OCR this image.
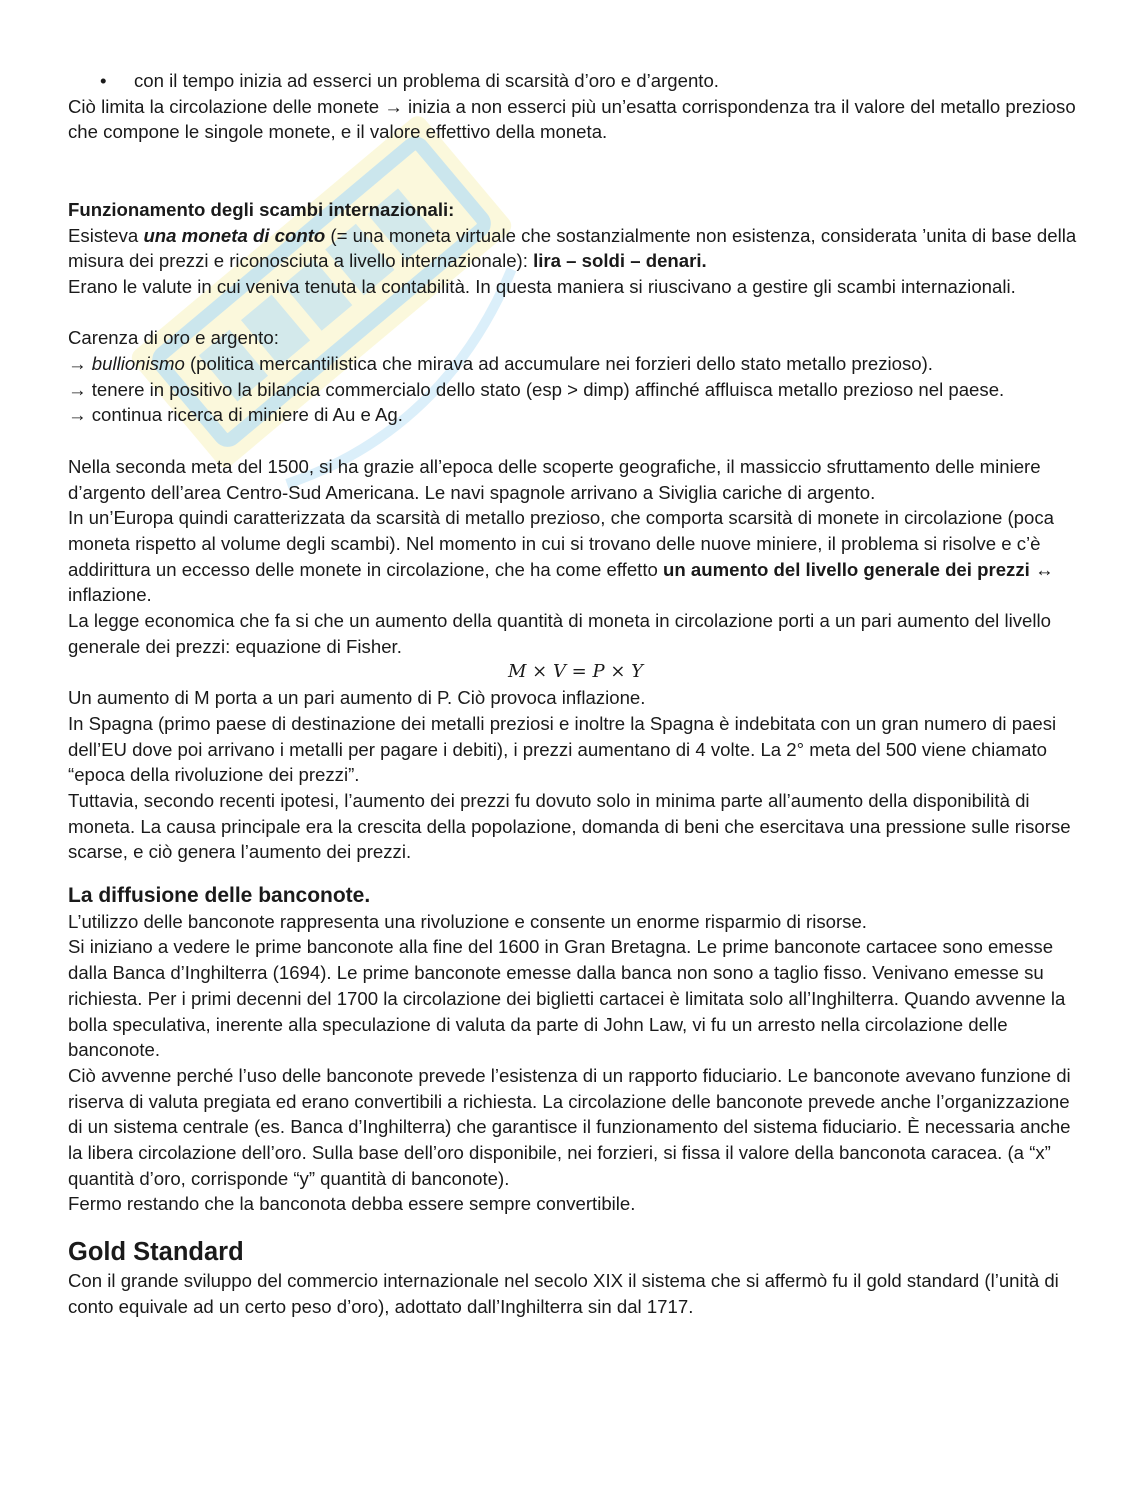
•	con il tempo inizia ad esserci un problema di scarsità d’oro e d’argento.

Ciò limita la circolazione delle monete → inizia a non esserci più un’esatta corrispondenza tra il valore del metallo prezioso che compone le singole monete, e il valore effettivo della moneta.

Funzionamento degli scambi internazionali:

Esisteva una moneta di conto (= una moneta virtuale che sostanzialmente non esistenza, considerata ’unita di base della misura dei prezzi e riconosciuta a livello internazionale): lira – soldi – denari.

Erano le valute in cui veniva tenuta la contabilità. In questa maniera si riuscivano a gestire gli scambi internazionali.

Carenza di oro e argento:

→ bullionismo (politica mercantilistica che mirava ad accumulare nei forzieri dello stato metallo prezioso).

→ tenere in positivo la bilancia commercialo dello stato (esp > dimp) affinché affluisca metallo prezioso nel paese.

→ continua ricerca di miniere di Au e Ag.

Nella seconda meta del 1500, si ha grazie all’epoca delle scoperte geografiche, il massiccio sfruttamento delle miniere d’argento dell’area Centro-Sud Americana. Le navi spagnole arrivano a Siviglia cariche di argento.

In un’Europa quindi caratterizzata da scarsità di metallo prezioso, che comporta scarsità di monete in circolazione (poca moneta rispetto al volume degli scambi). Nel momento in cui si trovano delle nuove miniere, il problema si risolve e c’è addirittura un eccesso delle monete in circolazione, che ha come effetto un aumento del livello generale dei prezzi ↔ inflazione.

La legge economica che fa si che un aumento della quantità di moneta in circolazione porti a un pari aumento del livello generale dei prezzi: equazione di Fisher.

M × V = P × Y

Un aumento di M porta a un pari aumento di P. Ciò provoca inflazione.

In Spagna (primo paese di destinazione dei metalli preziosi e inoltre la Spagna è indebitata con un gran numero di paesi dell’EU dove poi arrivano i metalli per pagare i debiti), i prezzi aumentano di 4 volte. La 2° meta del 500 viene chiamato “epoca della rivoluzione dei prezzi”.

Tuttavia, secondo recenti ipotesi, l’aumento dei prezzi fu dovuto solo in minima parte all’aumento della disponibilità di moneta. La causa principale era la crescita della popolazione, domanda di beni che esercitava una pressione sulle risorse scarse, e ciò genera l’aumento dei prezzi.

La diffusione delle banconote.

L’utilizzo delle banconote rappresenta una rivoluzione e consente un enorme risparmio di risorse.

Si iniziano a vedere le prime banconote alla fine del 1600 in Gran Bretagna. Le prime banconote cartacee sono emesse dalla Banca d’Inghilterra (1694). Le prime banconote emesse dalla banca non sono a taglio fisso. Venivano emesse su richiesta. Per i primi decenni del 1700 la circolazione dei biglietti cartacei è limitata solo all’Inghilterra. Quando avvenne la bolla speculativa, inerente alla speculazione di valuta da parte di John Law, vi fu un arresto nella circolazione delle banconote.

Ciò avvenne perché l’uso delle banconote prevede l’esistenza di un rapporto fiduciario. Le banconote avevano funzione di riserva di valuta pregiata ed erano convertibili a richiesta. La circolazione delle banconote prevede anche l’organizzazione di un sistema centrale (es. Banca d’Inghilterra) che garantisce il funzionamento del sistema fiduciario. È necessaria anche la libera circolazione dell’oro. Sulla base dell’oro disponibile, nei forzieri, si fissa il valore della banconota caracea. (a “x” quantità d’oro, corrisponde “y” quantità di banconote).

Fermo restando che la banconota debba essere sempre convertibile.

Gold Standard

Con il grande sviluppo del commercio internazionale nel secolo XIX il sistema che si affermò fu il gold standard (l’unità di conto equivale ad un certo peso d’oro), adottato dall’Inghilterra sin dal 1717.
